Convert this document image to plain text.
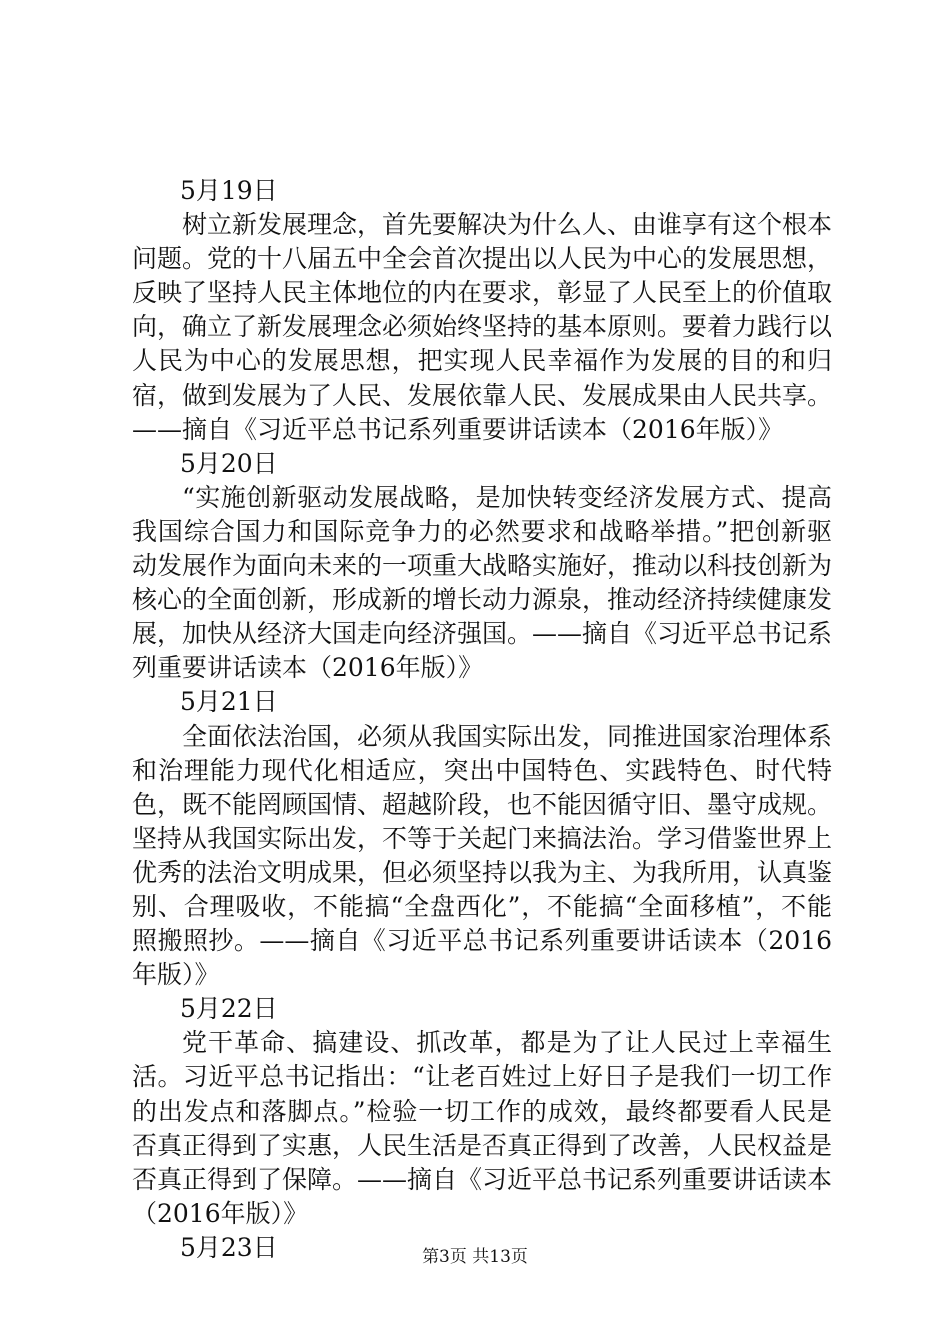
5月19日

树立新发展理念，首先要解决为什么人、由谁享有这个根本问题。党的十八届五中全会首次提出以人民为中心的发展思想，反映了坚持人民主体地位的内在要求，彰显了人民至上的价值取向，确立了新发展理念必须始终坚持的基本原则。要着力践行以人民为中心的发展思想，把实现人民幸福作为发展的目的和归宿，做到发展为了人民、发展依靠人民、发展成果由人民共享。——摘自《习近平总书记系列重要讲话读本（2016年版）》

5月20日

“实施创新驱动发展战略，是加快转变经济发展方式、提高我国综合国力和国际竞争力的必然要求和战略举措。”把创新驱动发展作为面向未来的一项重大战略实施好，推动以科技创新为核心的全面创新，形成新的增长动力源泉，推动经济持续健康发展，加快从经济大国走向经济强国。——摘自《习近平总书记系列重要讲话读本（2016年版）》

5月21日

全面依法治国，必须从我国实际出发，同推进国家治理体系和治理能力现代化相适应，突出中国特色、实践特色、时代特色，既不能罔顾国情、超越阶段，也不能因循守旧、墨守成规。坚持从我国实际出发，不等于关起门来搞法治。学习借鉴世界上优秀的法治文明成果，但必须坚持以我为主、为我所用，认真鉴别、合理吸收，不能搞“全盘西化”，不能搞“全面移植”，不能照搬照抄。——摘自《习近平总书记系列重要讲话读本（2016年版）》

5月22日

党干革命、搞建设、抓改革，都是为了让人民过上幸福生活。习近平总书记指出：“让老百姓过上好日子是我们一切工作的出发点和落脚点。”检验一切工作的成效，最终都要看人民是否真正得到了实惠，人民生活是否真正得到了改善，人民权益是否真正得到了保障。——摘自《习近平总书记系列重要讲话读本（2016年版）》

5月23日	第3页 共13页
